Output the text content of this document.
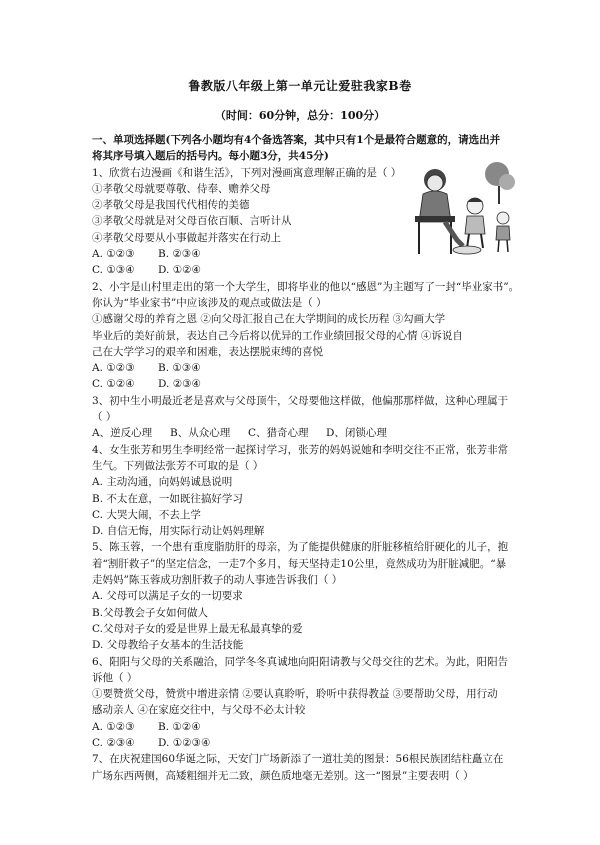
鲁教版八年级上第一单元让爱驻我家B卷
（时间：60分钟，总分：100分）
一、单项选择题(下列各小题均有4个备选答案，其中只有1个是最符合题意的，请选出并
将其序号填入题后的括号内。每小题3分，共45分)
1、欣赏右边漫画《和谐生活》，下列对漫画寓意理解正确的是（ ）
①孝敬父母就要尊敬、侍奉、赡养父母
②孝敬父母是我国代代相传的美德
③孝敬父母就是对父母百依百顺、言听计从
④孝敬父母要从小事做起并落实在行动上
A. ①②③ B. ②③④
C. ①③④ D. ①②④
2、小宇是山村里走出的第一个大学生，即将毕业的他以“感恩”为主题写了一封“毕业家书”。
你认为“毕业家书”中应该涉及的观点或做法是（ ）
①感谢父母的养育之恩 ②向父母汇报自己在大学期间的成长历程 ③勾画大学
毕业后的美好前景，表达自己今后将以优异的工作业绩回报父母的心情 ④诉说自
己在大学学习的艰辛和困难，表达摆脱束缚的喜悦
A. ①②③ B. ①③④
C. ①②④ D. ②③④
3、初中生小明最近老是喜欢与父母顶牛，父母要他这样做，他偏那那样做，这种心理属于
（ ）
A、逆反心理 B、从众心理 C、猎奇心理 D、闭锁心理
4、女生张芳和男生李明经常一起探讨学习，张芳的妈妈说她和李明交往不正常，张芳非常
生气。下列做法张芳不可取的是（ ）
A. 主动沟通，向妈妈诚恳说明
B. 不太在意，一如既往搞好学习
C. 大哭大闹，不去上学
D. 自信无悔，用实际行动让妈妈理解
5、陈玉蓉，一个患有重度脂肪肝的母亲，为了能提供健康的肝脏移植给肝硬化的儿子，抱
着“割肝救子”的坚定信念，一走7个多月，每天坚持走10公里，竟然成功为肝脏减肥。“暴
走妈妈”陈玉蓉成功割肝救子的动人事迹告诉我们（ ）
A. 父母可以满足子女的一切要求
B.父母教会子女如何做人
C.父母对子女的爱是世界上最无私最真挚的爱
D. 父母教给子女基本的生活技能
6、阳阳与父母的关系融洽，同学冬冬真诚地向阳阳请教与父母交往的艺术。为此，阳阳告
诉他（ ）
①要赞赏父母，赞赏中增进亲情 ②要认真聆听，聆听中获得教益 ③要帮助父母，用行动
感动亲人 ④在家庭交往中，与父母不必太计较
A. ①②③ B. ①②④
C. ②③④ D. ①②③④
7、在庆祝建国60华诞之际，天安门广场新添了一道壮美的图景：56根民族团结柱矗立在
广场东西两侧，高矮粗细并无二致，颜色质地毫无差别。这一“图景”主要表明（ ）
